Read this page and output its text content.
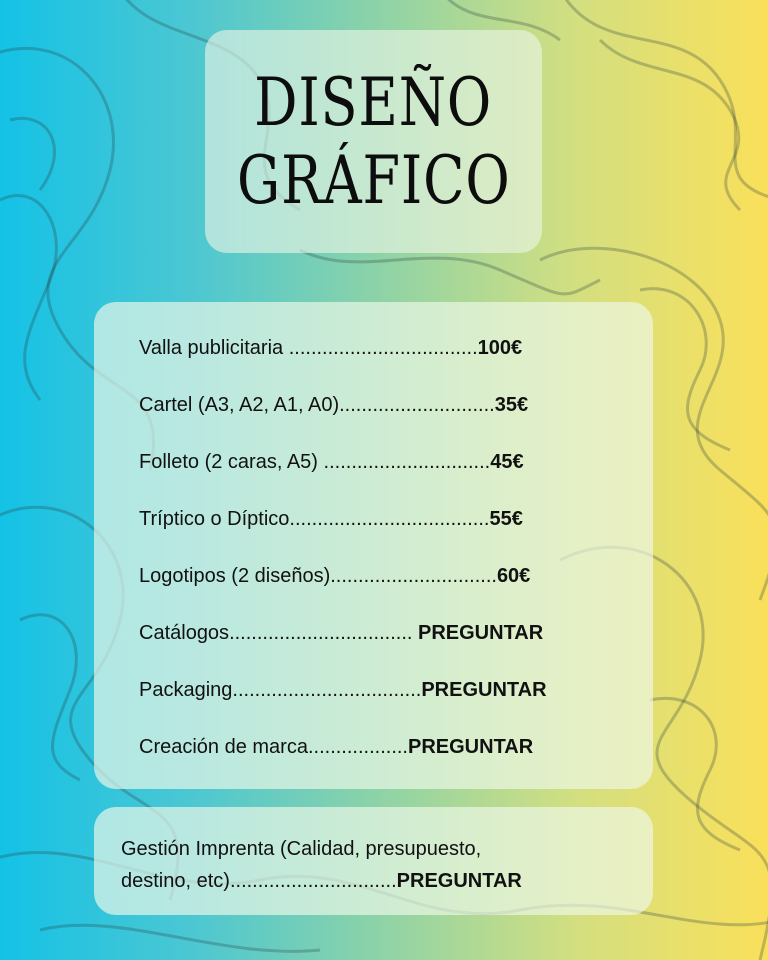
DISEÑO
GRÁFICO
Valla publicitaria ..................................100€
Cartel (A3, A2, A1, A0)............................35€
Folleto (2 caras, A5) ..............................45€
Tríptico o Díptico....................................55€
Logotipos (2 diseños)..............................60€
Catálogos................................. PREGUNTAR
Packaging..................................PREGUNTAR
Creación de marca..................PREGUNTAR
Gestión Imprenta (Calidad, presupuesto,
destino, etc)..............................PREGUNTAR
